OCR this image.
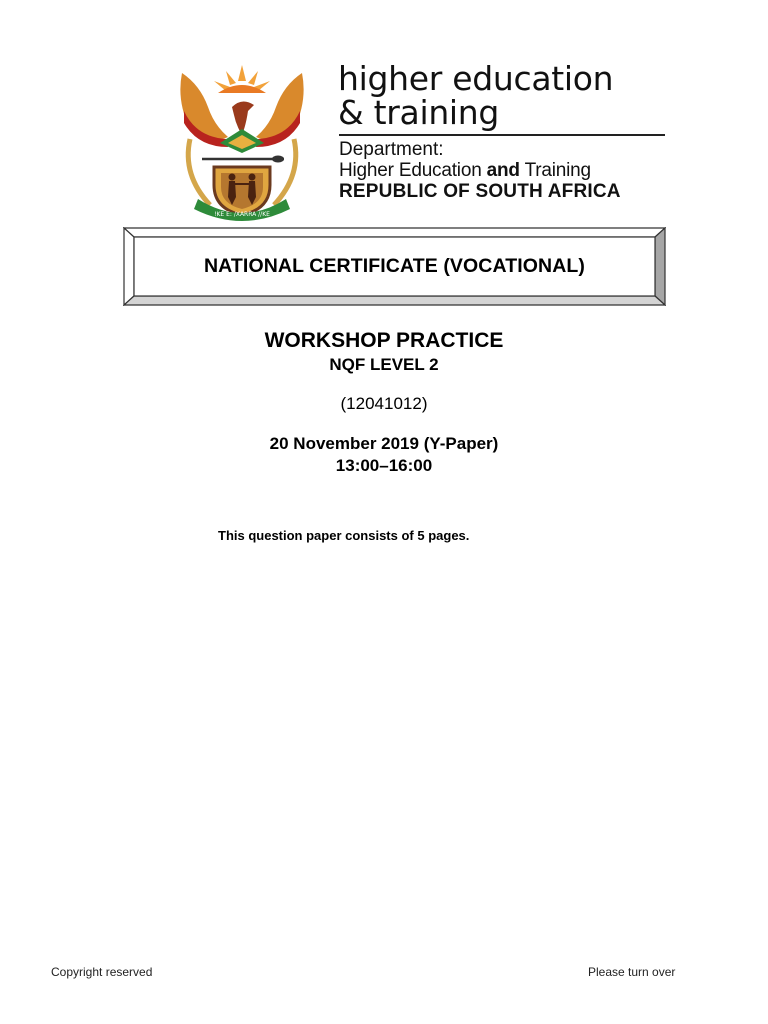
!KE E: /XARRA //KE
higher education
& training
Department:
Higher Education and Training
REPUBLIC OF SOUTH AFRICA
NATIONAL CERTIFICATE (VOCATIONAL)
WORKSHOP PRACTICE
NQF LEVEL 2
(12041012)
20 November 2019 (Y-Paper)
13:00–16:00
This question paper consists of 5 pages.
Copyright reserved	Please turn over
